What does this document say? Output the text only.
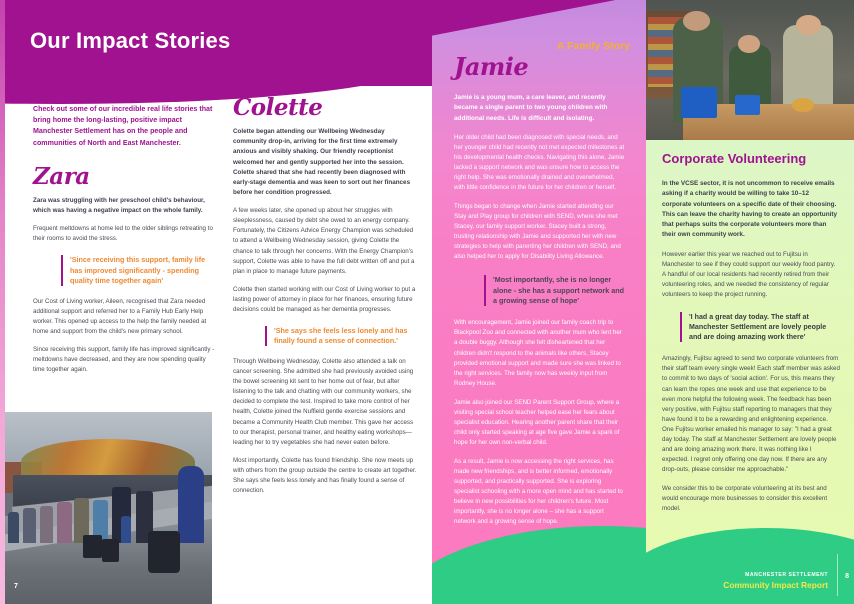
Our Impact Stories
Check out some of our incredible real life stories that bring home the long-lasting, positive impact Manchester Settlement has on the people and communities of North and East Manchester.
Zara
Zara was struggling with her preschool child's behaviour, which was having a negative impact on the whole family.
Frequent meltdowns at home led to the older siblings retreating to their rooms to avoid the stress.
'Since receiving this support, family life has improved significantly - spending quality time together again'
Our Cost of Living worker, Aileen, recognised that Zara needed additional support and referred her to a Family Hub Early Help worker. This opened up access to the help the family needed at home and support from the child's new primary school.
Since receiving this support, family life has improved significantly - meltdowns have decreased, and they are now spending quality time together again.
Colette
Colette began attending our Wellbeing Wednesday community drop-in, arriving for the first time extremely anxious and visibly shaking. Our friendly receptionist welcomed her and gently supported her into the session. Colette shared that she had recently been diagnosed with early-stage dementia and was keen to sort out her finances before her condition progressed.
A few weeks later, she opened up about her struggles with sleeplessness, caused by debt she owed to an energy company. Fortunately, the Citizens Advice Energy Champion was scheduled to attend a Wellbeing Wednesday session, giving Colette the chance to talk through her concerns. With the Energy Champion's support, Colette was able to have the full debt written off and put a plan in place to manage future payments.
Colette then started working with our Cost of Living worker to put a lasting power of attorney in place for her finances, ensuring future decisions could be managed as her dementia progresses.
'She says she feels less lonely and has finally found a sense of connection.'
Through Wellbeing Wednesday, Colette also attended a talk on cancer screening. She admitted she had previously avoided using the bowel screening kit sent to her home out of fear, but after listening to the talk and chatting with our community workers, she decided to complete the test. Inspired to take more control of her health, Colette joined the Nuffield gentle exercise sessions and became a Community Health Club member. This gave her access to our therapist, personal trainer, and healthy eating workshops—leading her to try vegetables she had never eaten before.
Most importantly, Colette has found friendship. She now meets up with others from the group outside the centre to create art together. She says she feels less lonely and has finally found a sense of connection.
7
A Family Story
Jamie
Jamie is a young mum, a care leaver, and recently became a single parent to two young children with additional needs. Life is difficult and isolating.
Her older child had been diagnosed with special needs, and her younger child had recently not met expected milestones at his developmental health checks. Navigating this alone, Jamie lacked a support network and was unsure how to access the right help. She was emotionally drained and overwhelmed, with little confidence in the future for her children or herself.
Things began to change when Jamie started attending our Stay and Play group for children with SEND, where she met Stacey, our family support worker. Stacey built a strong, trusting relationship with Jamie and supported her with new strategies to help with parenting her children with SEND, and also helped her to apply for Disability Living Allowance.
'Most importantly, she is no longer alone - she has a support network and a growing sense of hope'
With encouragement, Jamie joined our family coach trip to Blackpool Zoo and connected with another mum who lent her a double buggy. Although she felt disheartened that her children didn't respond to the animals like others, Stacey provided emotional support and made sure she was linked to the right services. The family now has weekly input from Rodney House.
Jamie also joined our SEND Parent Support Group, where a visiting special school teacher helped ease her fears about specialist education. Hearing another parent share that their child only started speaking at age five gave Jamie a spark of hope for her own non-verbal child.
As a result, Jamie is now accessing the right services, has made new friendships, and is better informed, emotionally supported, and practically supported. She is exploring specialist schooling with a more open mind and has started to believe in new possibilities for her children's future. Most importantly, she is no longer alone – she has a support network and a growing sense of hope.
Corporate Volunteering
In the VCSE sector, it is not uncommon to receive emails asking if a charity would be willing to take 10–12 corporate volunteers on a specific date of their choosing. This can leave the charity having to create an opportunity that perhaps suits the corporate volunteers more than their own community work.
However earlier this year we reached out to Fujitsu in Manchester to see if they could support our weekly food pantry. A handful of our local residents had recently retired from their volunteering roles, and we needed the consistency of regular volunteers to keep the project running.
'I had a great day today. The staff at Manchester Settlement are lovely people and are doing amazing work there'
Amazingly, Fujitsu agreed to send two corporate volunteers from their staff team every single week! Each staff member was asked to commit to two days of 'social action'. For us, this means they can learn the ropes one week and use that experience to be even more helpful the following week. The feedback has been very positive, with Fujitsu staff reporting to managers that they have found it to be a rewarding and enlightening experience. One Fujitsu worker emailed his manager to say: "I had a great day today. The staff at Manchester Settlement are lovely people and are doing amazing work there. It was nothing like I expected. I regret only offering one day now. If there are any drop-outs, please consider me approachable."
We consider this to be corporate volunteering at its best and would encourage more businesses to consider this excellent model.
MANCHESTER SETTLEMENT
Community Impact Report
8
